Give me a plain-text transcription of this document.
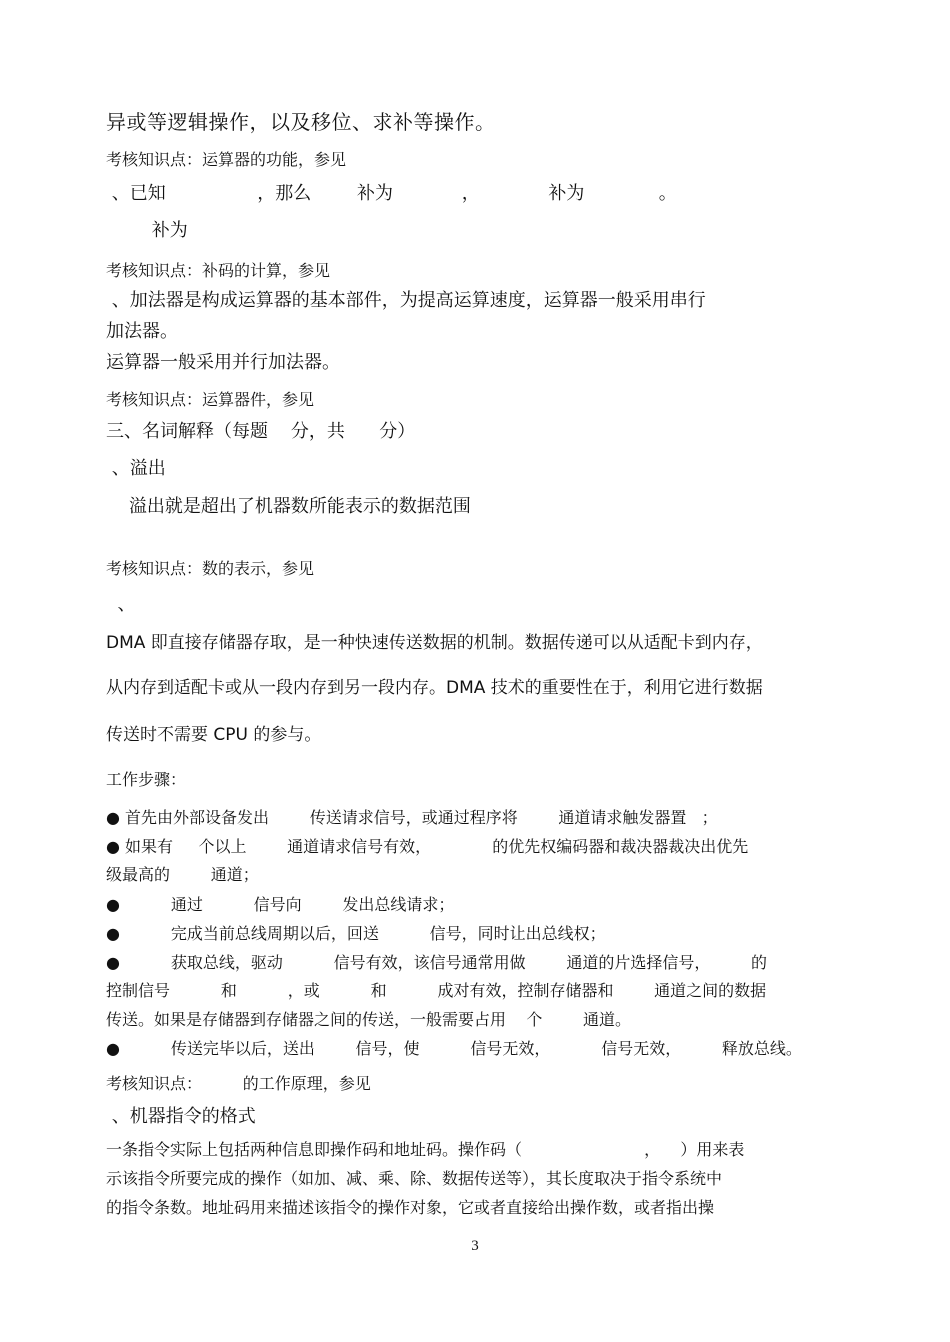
异或等逻辑操作，以及移位、求补等操作。
考核知识点：运算器的功能，参见
、已知                ，那么        补为            ，            补为             。
补为
考核知识点：补码的计算，参见
、加法器是构成运算器的基本部件，为提高运算速度，运算器一般采用串行
加法器。
运算器一般采用并行加法器。
考核知识点：运算器件，参见
三、名词解释（每题    分，共      分）
、溢出
溢出就是超出了机器数所能表示的数据范围
考核知识点：数的表示，参见
、
DMA 即直接存储器存取，是一种快速传送数据的机制。数据传递可以从适配卡到内存，
从内存到适配卡或从一段内存到另一段内存。DMA 技术的重要性在于，利用它进行数据
传送时不需要 CPU 的参与。
工作步骤：
● 首先由外部设备发出        传送请求信号，或通过程序将        通道请求触发器置   ；
● 如果有     个以上        通道请求信号有效，            的优先权编码器和裁决器裁决出优先
级最高的        通道；
●          通过          信号向        发出总线请求；
●          完成当前总线周期以后，回送          信号，同时让出总线权；
●          获取总线，驱动          信号有效，该信号通常用做        通道的片选择信号，        的
控制信号          和          ，或          和          成对有效，控制存储器和        通道之间的数据
传送。如果是存储器到存储器之间的传送，一般需要占用    个        通道。
●          传送完毕以后，送出        信号，使          信号无效，          信号无效，        释放总线。
考核知识点：        的工作原理，参见
、机器指令的格式
一条指令实际上包括两种信息即操作码和地址码。操作码（                        ，    ）用来表
示该指令所要完成的操作（如加、减、乘、除、数据传送等），其长度取决于指令系统中
的指令条数。地址码用来描述该指令的操作对象，它或者直接给出操作数，或者指出操
3
